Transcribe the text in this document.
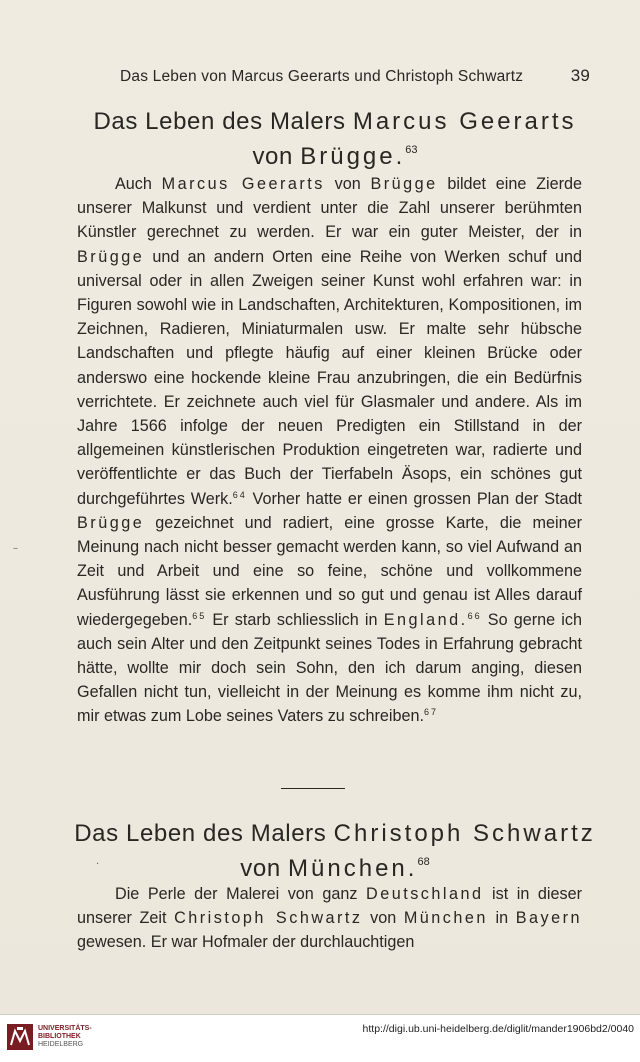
Das Leben von Marcus Geerarts und Christoph Schwartz	39
Das Leben des Malers Marcus Geerarts
von Brügge.$^{63}$

Auch Marcus Geerarts von Brügge bildet eine Zierde unserer Malkunst und verdient unter die Zahl unserer berühmten Künstler gerechnet zu werden. Er war ein guter Meister, der in Brügge und an andern Orten eine Reihe von Werken schuf und universal oder in allen Zweigen seiner Kunst wohl erfahren war: in Figuren sowohl wie in Landschaften, Architekturen, Kompositionen, im Zeichnen, Radieren, Miniaturmalen usw. Er malte sehr hübsche Landschaften und pflegte häufig auf einer kleinen Brücke oder anderswo eine hockende kleine Frau anzubringen, die ein Bedürfnis verrichtete. Er zeichnete auch viel für Glasmaler und andere. Als im Jahre 1566 infolge der neuen Predigten ein Stillstand in der allgemeinen künstlerischen Produktion eingetreten war, radierte und veröffentlichte er das Buch der Tierfabeln Äsops, ein schönes gut durchgeführtes Werk.$^{64}$ Vorher hatte er einen grossen Plan der Stadt Brügge gezeichnet und radiert, eine grosse Karte, die meiner Meinung nach nicht besser gemacht werden kann, so viel Aufwand an Zeit und Arbeit und eine so feine, schöne und vollkommene Ausführung lässt sie erkennen und so gut und genau ist Alles darauf wiedergegeben.$^{65}$ Er starb schliesslich in England.$^{66}$ So gerne ich auch sein Alter und den Zeitpunkt seines Todes in Erfahrung gebracht hätte, wollte mir doch sein Sohn, den ich darum anging, diesen Gefallen nicht tun, vielleicht in der Meinung es komme ihm nicht zu, mir etwas zum Lobe seines Vaters zu schreiben.$^{67}$

Das Leben des Malers Christoph Schwartz
von München.$^{68}$

Die Perle der Malerei von ganz Deutschland ist in dieser unserer Zeit Christoph Schwartz von München in Bayern gewesen. Er war Hofmaler der durchlauchtigen

–
·
UNIVERSITÄTS-
BIBLIOTHEK
HEIDELBERG
http://digi.ub.uni-heidelberg.de/diglit/mander1906bd2/0040
